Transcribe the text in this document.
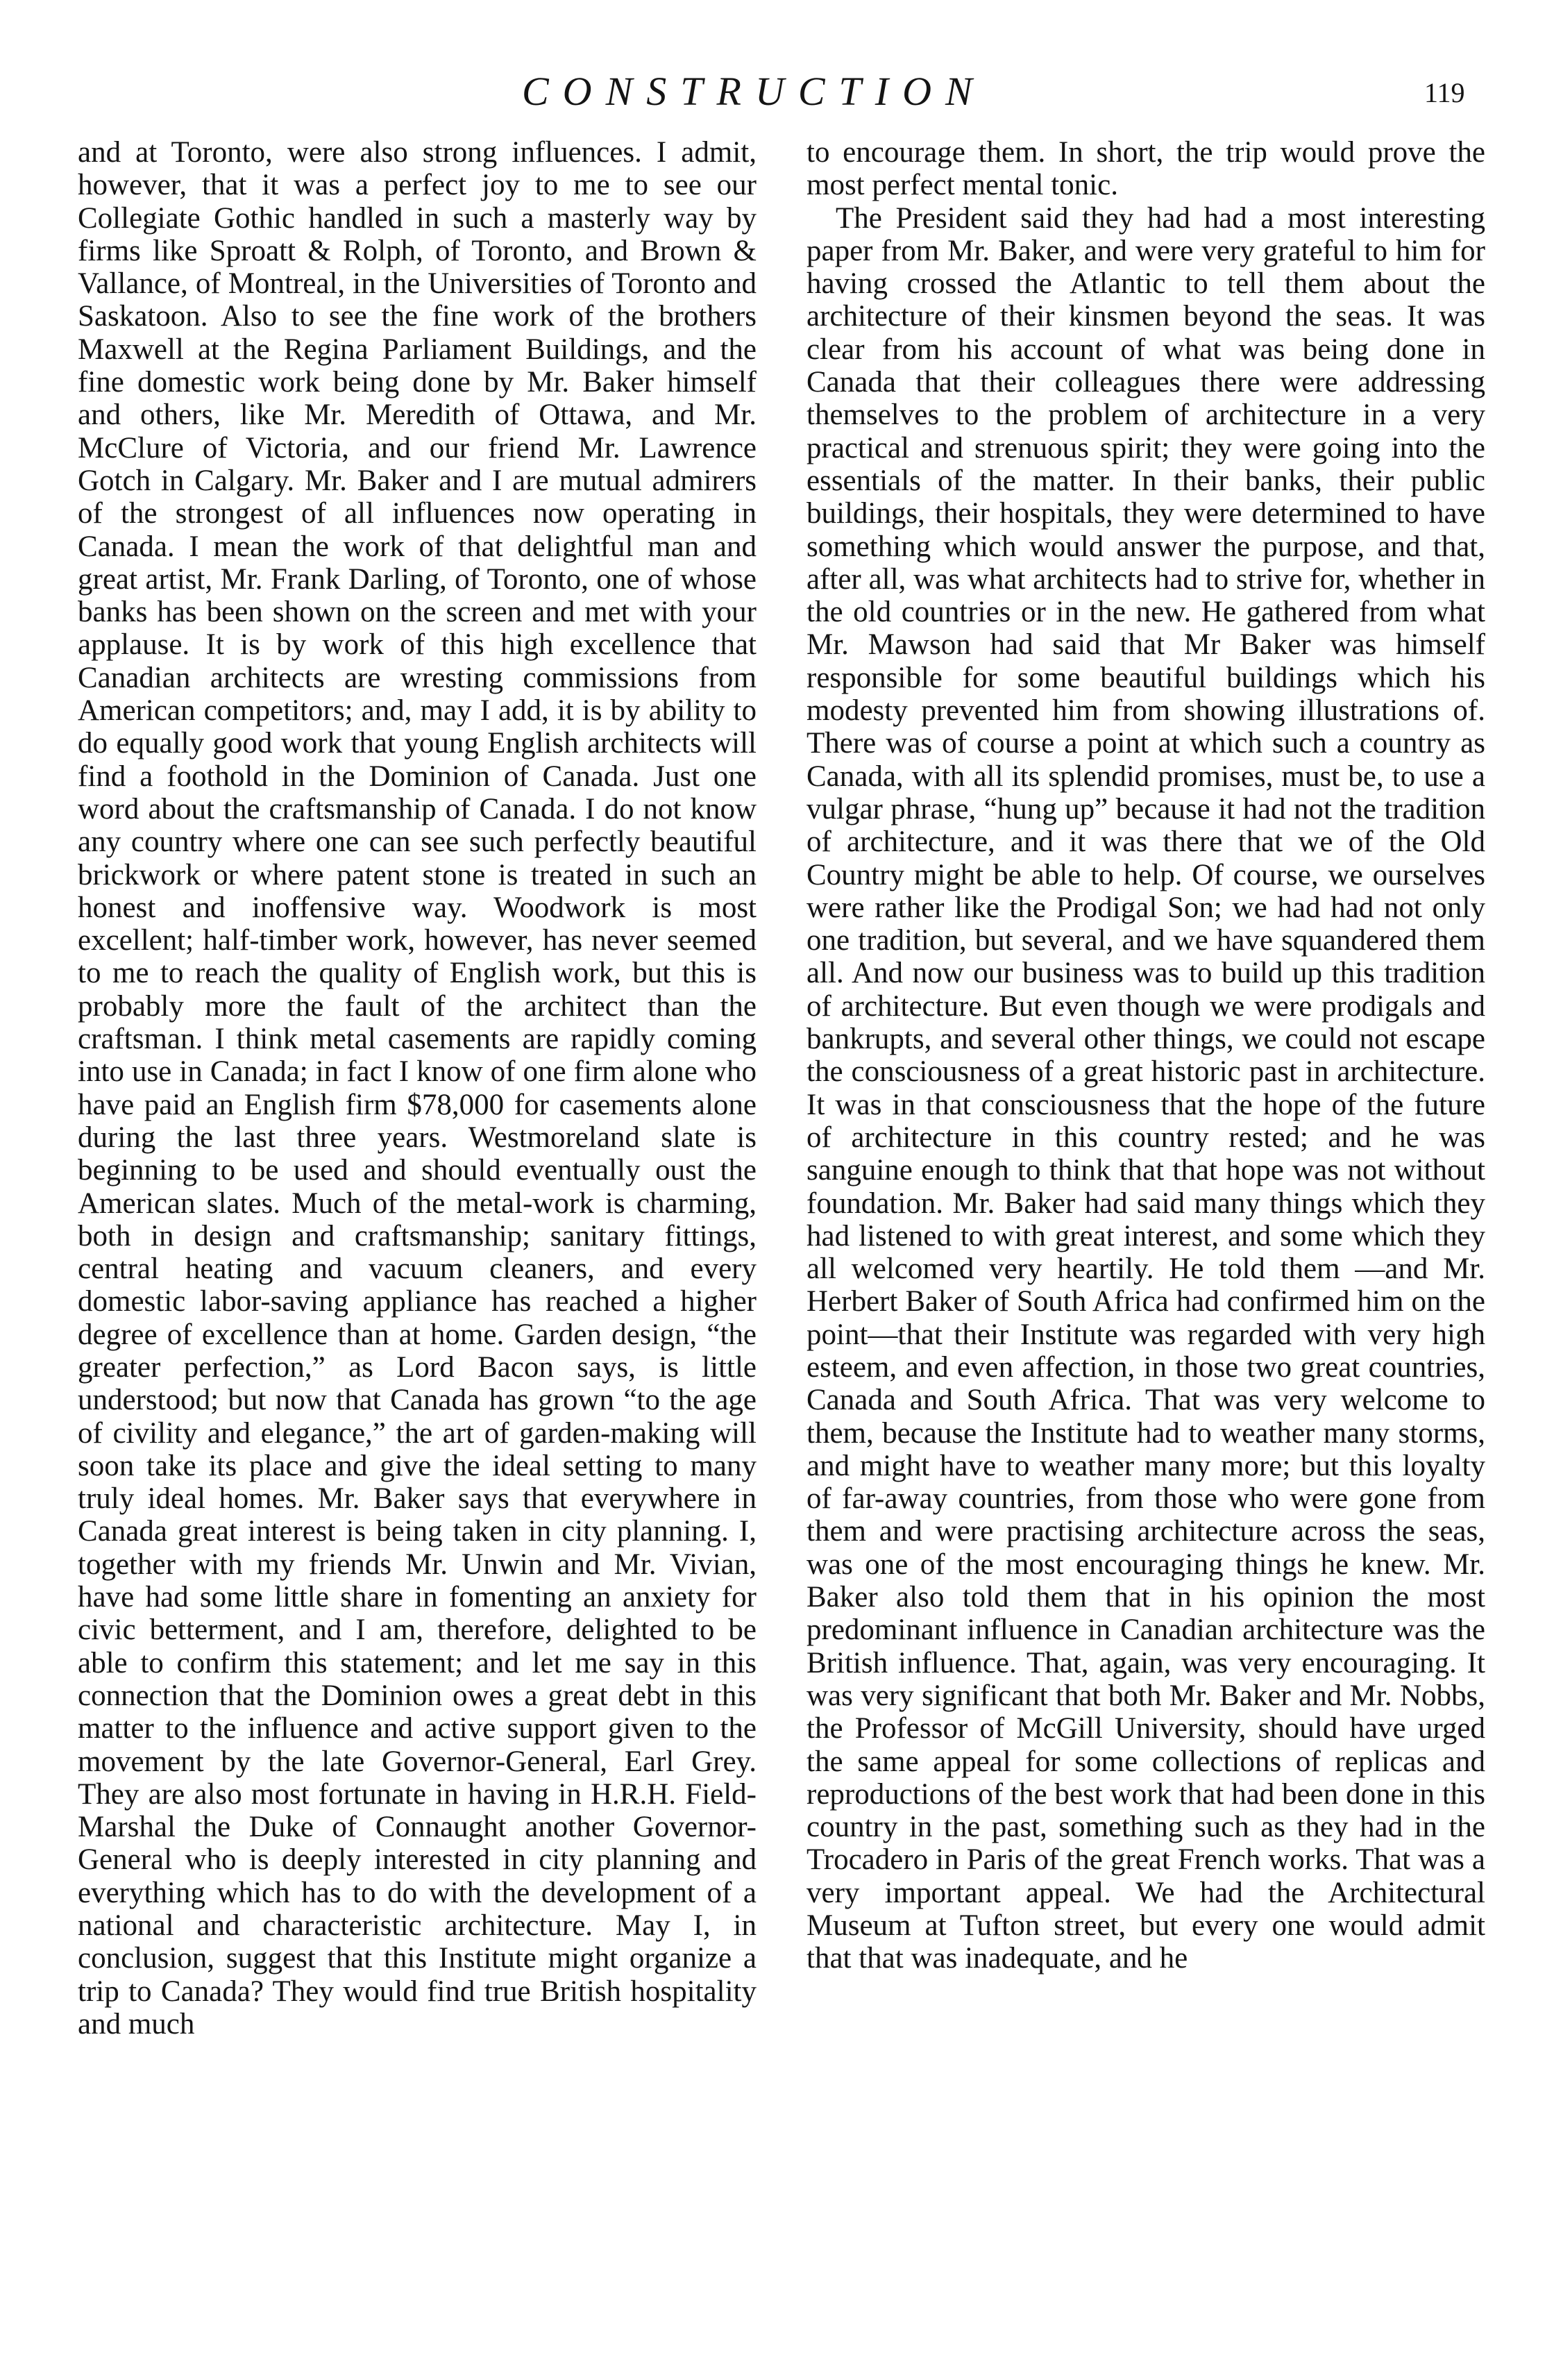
CONSTRUCTION	119

and at Toronto, were also strong influences. I admit, however, that it was a perfect joy to me to see our Collegiate Gothic handled in such a masterly way by firms like Sproatt & Rolph, of Toronto, and Brown & Vallance, of Montreal, in the Universities of Toronto and Saskatoon. Also to see the fine work of the brothers Maxwell at the Regina Parliament Buildings, and the fine domestic work being done by Mr. Baker himself and others, like Mr. Meredith of Ottawa, and Mr. McClure of Victoria, and our friend Mr. Lawrence Gotch in Calgary. Mr. Baker and I are mutual admirers of the strongest of all influences now operating in Canada. I mean the work of that delightful man and great artist, Mr. Frank Darling, of Toronto, one of whose banks has been shown on the screen and met with your applause. It is by work of this high excellence that Canadian architects are wresting commissions from American competitors; and, may I add, it is by ability to do equally good work that young English architects will find a foothold in the Dominion of Canada. Just one word about the craftsmanship of Canada. I do not know any country where one can see such perfectly beautiful brickwork or where patent stone is treated in such an honest and inoffensive way. Woodwork is most excellent; half-timber work, however, has never seemed to me to reach the quality of English work, but this is probably more the fault of the architect than the craftsman. I think metal casements are rapidly coming into use in Canada; in fact I know of one firm alone who have paid an English firm $78,000 for casements alone during the last three years. Westmoreland slate is beginning to be used and should eventually oust the American slates. Much of the metal-work is charming, both in design and craftsmanship; sanitary fittings, central heating and vacuum cleaners, and every domestic labor-saving appliance has reached a higher degree of excellence than at home. Garden design, “the greater perfection,” as Lord Bacon says, is little understood; but now that Canada has grown “to the age of civility and elegance,” the art of garden-making will soon take its place and give the ideal setting to many truly ideal homes. Mr. Baker says that everywhere in Canada great interest is being taken in city planning. I, together with my friends Mr. Unwin and Mr. Vivian, have had some little share in fomenting an anxiety for civic betterment, and I am, therefore, delighted to be able to confirm this statement; and let me say in this connection that the Dominion owes a great debt in this matter to the influence and active support given to the movement by the late Governor-General, Earl Grey. They are also most fortunate in having in H.R.H. Field-Marshal the Duke of Connaught another Governor-General who is deeply interested in city planning and everything which has to do with the development of a national and characteristic architecture. May I, in conclusion, suggest that this Institute might organize a trip to Canada? They would find true British hospitality and much

to encourage them. In short, the trip would prove the most perfect mental tonic.

The President said they had had a most interesting paper from Mr. Baker, and were very grateful to him for having crossed the Atlantic to tell them about the architecture of their kinsmen beyond the seas. It was clear from his account of what was being done in Canada that their colleagues there were addressing themselves to the problem of architecture in a very practical and strenuous spirit; they were going into the essentials of the matter. In their banks, their public buildings, their hospitals, they were determined to have something which would answer the purpose, and that, after all, was what architects had to strive for, whether in the old countries or in the new. He gathered from what Mr. Mawson had said that Mr Baker was himself responsible for some beautiful buildings which his modesty prevented him from showing illustrations of. There was of course a point at which such a country as Canada, with all its splendid promises, must be, to use a vulgar phrase, “hung up” because it had not the tradition of architecture, and it was there that we of the Old Country might be able to help. Of course, we ourselves were rather like the Prodigal Son; we had had not only one tradition, but several, and we have squandered them all. And now our business was to build up this tradition of architecture. But even though we were prodigals and bankrupts, and several other things, we could not escape the consciousness of a great historic past in architecture. It was in that consciousness that the hope of the future of architecture in this country rested; and he was sanguine enough to think that that hope was not without foundation. Mr. Baker had said many things which they had listened to with great interest, and some which they all welcomed very heartily. He told them —and Mr. Herbert Baker of South Africa had confirmed him on the point—that their Institute was regarded with very high esteem, and even affection, in those two great countries, Canada and South Africa. That was very welcome to them, because the Institute had to weather many storms, and might have to weather many more; but this loyalty of far-away countries, from those who were gone from them and were practising architecture across the seas, was one of the most encouraging things he knew. Mr. Baker also told them that in his opinion the most predominant influence in Canadian architecture was the British influence. That, again, was very encouraging. It was very significant that both Mr. Baker and Mr. Nobbs, the Professor of McGill University, should have urged the same appeal for some collections of replicas and reproductions of the best work that had been done in this country in the past, something such as they had in the Trocadero in Paris of the great French works. That was a very important appeal. We had the Architectural Museum at Tufton street, but every one would admit that that was inadequate, and he
